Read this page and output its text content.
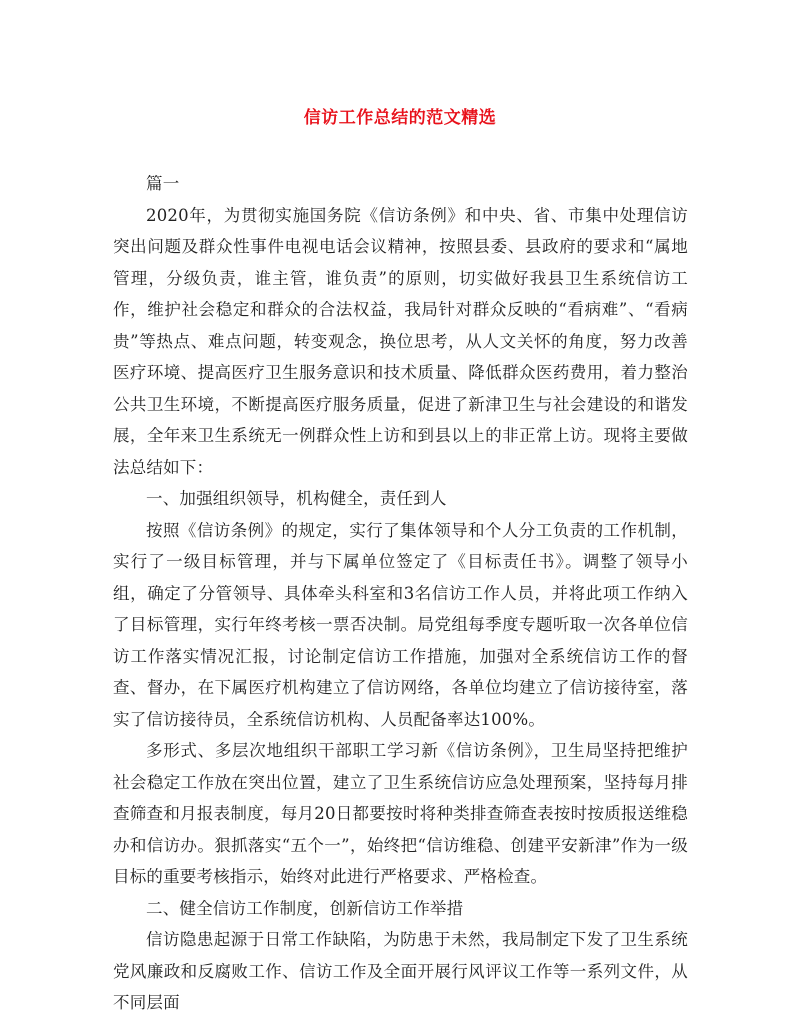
信访工作总结的范文精选

篇一

2020年，为贯彻实施国务院《信访条例》和中央、省、市集中处理信访突出问题及群众性事件电视电话会议精神，按照县委、县政府的要求和“属地管理，分级负责，谁主管，谁负责”的原则，切实做好我县卫生系统信访工作，维护社会稳定和群众的合法权益，我局针对群众反映的“看病难”、“看病贵”等热点、难点问题，转变观念，换位思考，从人文关怀的角度，努力改善医疗环境、提高医疗卫生服务意识和技术质量、降低群众医药费用，着力整治公共卫生环境，不断提高医疗服务质量，促进了新津卫生与社会建设的和谐发展，全年来卫生系统无一例群众性上访和到县以上的非正常上访。现将主要做法总结如下：

一、加强组织领导，机构健全，责任到人

按照《信访条例》的规定，实行了集体领导和个人分工负责的工作机制，实行了一级目标管理，并与下属单位签定了《目标责任书》。调整了领导小组，确定了分管领导、具体牵头科室和3名信访工作人员，并将此项工作纳入了目标管理，实行年终考核一票否决制。局党组每季度专题听取一次各单位信访工作落实情况汇报，讨论制定信访工作措施，加强对全系统信访工作的督查、督办，在下属医疗机构建立了信访网络，各单位均建立了信访接待室，落实了信访接待员，全系统信访机构、人员配备率达100%。

多形式、多层次地组织干部职工学习新《信访条例》，卫生局坚持把维护社会稳定工作放在突出位置，建立了卫生系统信访应急处理预案，坚持每月排查筛查和月报表制度，每月20日都要按时将种类排查筛查表按时按质报送维稳办和信访办。狠抓落实“五个一”，始终把“信访维稳、创建平安新津”作为一级目标的重要考核指示，始终对此进行严格要求、严格检查。

二、健全信访工作制度，创新信访工作举措

信访隐患起源于日常工作缺陷，为防患于未然，我局制定下发了卫生系统党风廉政和反腐败工作、信访工作及全面开展行风评议工作等一系列文件，从不同层面
